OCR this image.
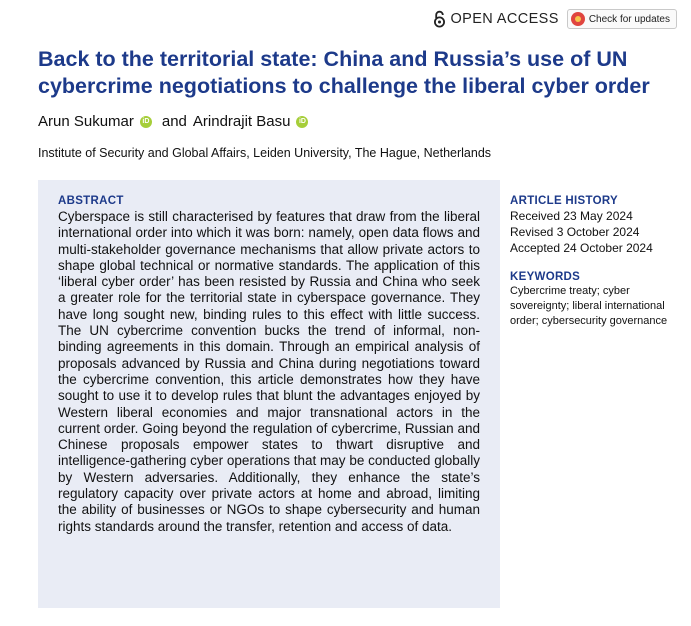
OPEN ACCESS	Check for updates
Back to the territorial state: China and Russia’s use of UN cybercrime negotiations to challenge the liberal cyber order
Arun Sukumar	iD and Arindrajit Basu	iD
Institute of Security and Global Affairs, Leiden University, The Hague, Netherlands
ABSTRACT

Cyberspace is still characterised by features that draw from the liberal international order into which it was born: namely, open data flows and multi-stakeholder governance mechanisms that allow private actors to shape global technical or normative standards. The application of this ‘liberal cyber order’ has been resisted by Russia and China who seek a greater role for the territorial state in cyberspace governance. They have long sought new, binding rules to this effect with little success. The UN cybercrime convention bucks the trend of informal, non-binding agreements in this domain. Through an empirical analysis of proposals advanced by Russia and China during negotiations toward the cybercrime convention, this article demonstrates how they have sought to use it to develop rules that blunt the advantages enjoyed by Western liberal economies and major transnational actors in the current order. Going beyond the regulation of cybercrime, Russian and Chinese proposals empower states to thwart disruptive and intelligence-gathering cyber operations that may be conducted globally by Western adversaries. Additionally, they enhance the state’s regulatory capacity over private actors at home and abroad, limiting the ability of businesses or NGOs to shape cybersecurity and human rights standards around the transfer, retention and access of data.

ARTICLE HISTORY
Received 23 May 2024
Revised 3 October 2024
Accepted 24 October 2024
KEYWORDS
Cybercrime treaty; cyber sovereignty; liberal international order; cybersecurity governance
